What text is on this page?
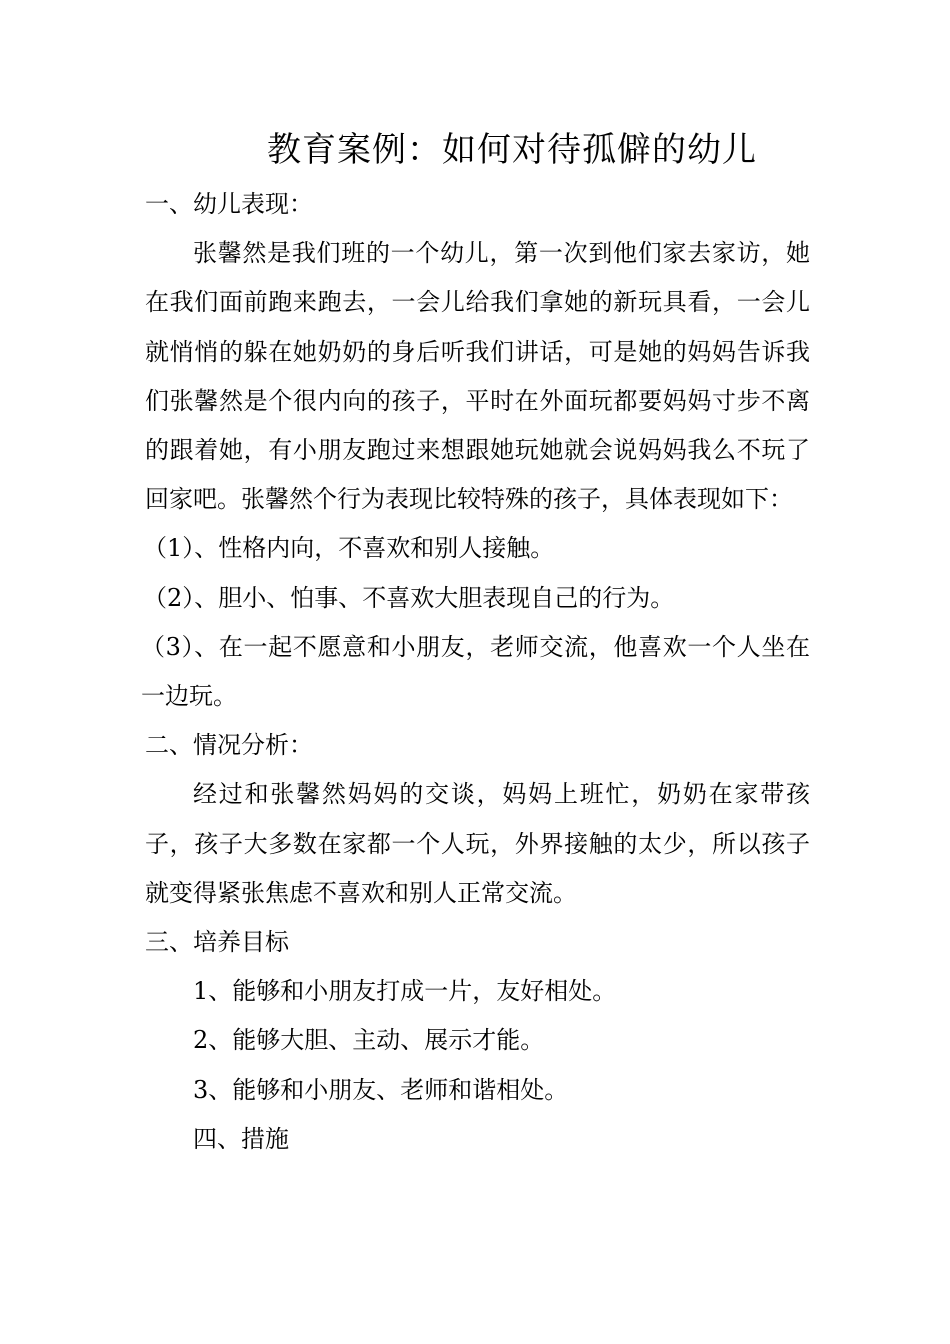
教育案例：如何对待孤僻的幼儿

一、幼儿表现：

张馨然是我们班的一个幼儿，第一次到他们家去家访，她在我们面前跑来跑去，一会儿给我们拿她的新玩具看，一会儿就悄悄的躲在她奶奶的身后听我们讲话，可是她的妈妈告诉我们张馨然是个很内向的孩子，平时在外面玩都要妈妈寸步不离的跟着她，有小朋友跑过来想跟她玩她就会说妈妈我么不玩了回家吧。张馨然个行为表现比较特殊的孩子，具体表现如下：

（1）、性格内向，不喜欢和别人接触。

（2）、胆小、怕事、不喜欢大胆表现自己的行为。

（3）、在一起不愿意和小朋友，老师交流，他喜欢一个人坐在一边玩。

二、情况分析：

经过和张馨然妈妈的交谈，妈妈上班忙，奶奶在家带孩子，孩子大多数在家都一个人玩，外界接触的太少，所以孩子就变得紧张焦虑不喜欢和别人正常交流。

三、培养目标

1、能够和小朋友打成一片，友好相处。

2、能够大胆、主动、展示才能。

3、能够和小朋友、老师和谐相处。

四、措施
